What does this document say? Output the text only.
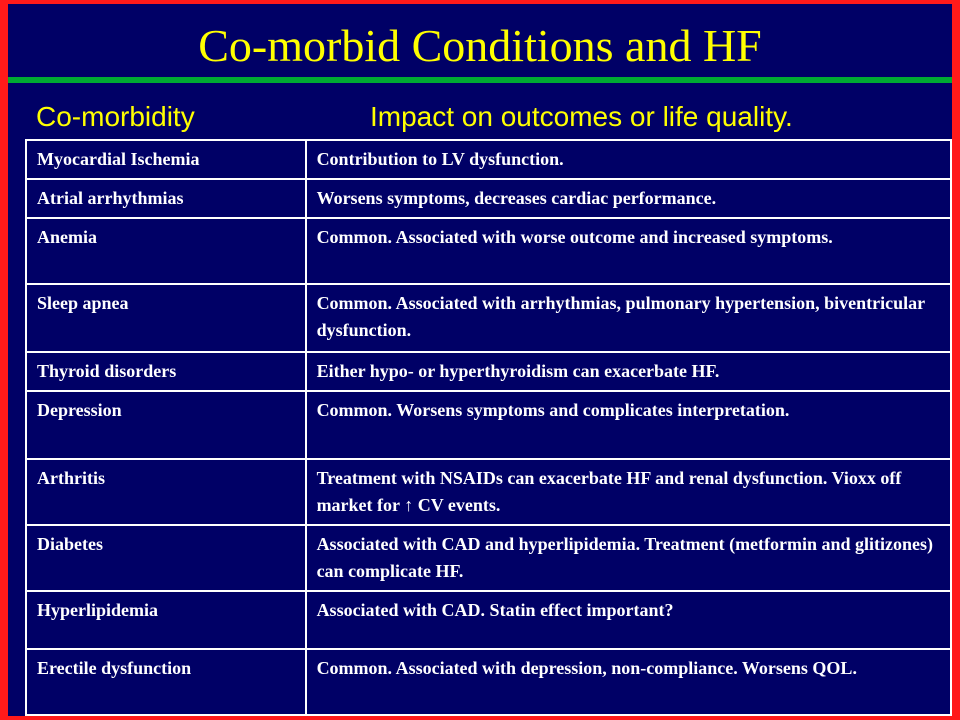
Co-morbid Conditions and HF
Co-morbidity	Impact on outcomes or life quality.
Myocardial Ischemia	Contribution to LV dysfunction.
Atrial arrhythmias	Worsens symptoms, decreases cardiac performance.
Anemia	Common. Associated with worse outcome and increased symptoms.
Sleep apnea	Common. Associated with arrhythmias, pulmonary hypertension, biventricular dysfunction.
Thyroid disorders	Either hypo- or hyperthyroidism can exacerbate HF.
Depression	Common. Worsens symptoms and complicates interpretation.
Arthritis	Treatment with NSAIDs can exacerbate HF and renal dysfunction. Vioxx off market for ↑ CV events.
Diabetes	Associated with CAD and hyperlipidemia. Treatment (metformin and glitizones) can complicate HF.
Hyperlipidemia	Associated with CAD. Statin effect important?
Erectile dysfunction	Common. Associated with depression, non-compliance. Worsens QOL.
